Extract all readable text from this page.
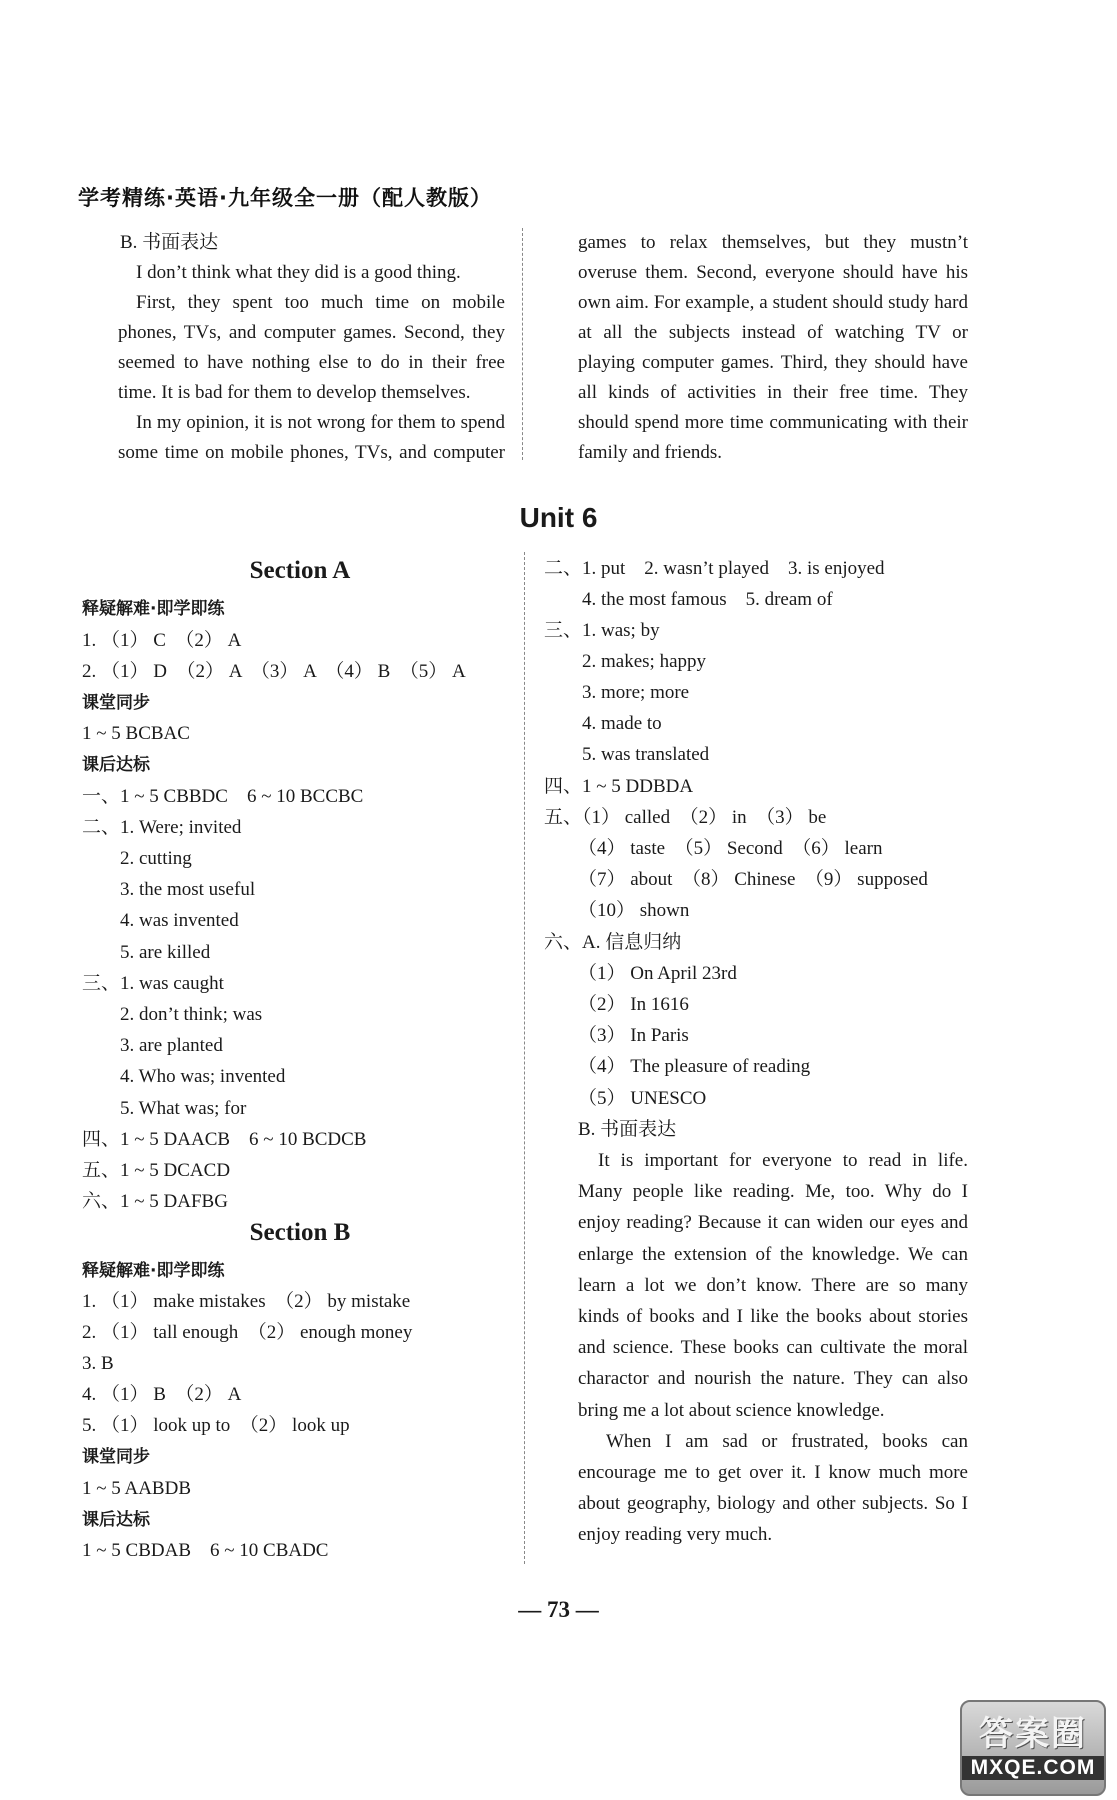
学考精练·英语·九年级全一册（配人教版）
B. 书面表达
I don’t think what they did is a good thing.
First, they spent too much time on mobile
phones, TVs, and computer games. Second, they
seemed to have nothing else to do in their free
time. It is bad for them to develop themselves.
In my opinion, it is not wrong for them to spend
some time on mobile phones, TVs, and computer
games to relax themselves, but they mustn’t
overuse them. Second, everyone should have his
own aim. For example, a student should study hard
at all the subjects instead of watching TV or
playing computer games. Third, they should have
all kinds of activities in their free time. They
should spend more time communicating with their
family and friends.
Unit 6
Section A
释疑解难·即学即练
1. （1） C　（2） A
2. （1） D　（2） A　（3） A　（4） B　（5） A
课堂同步
1 ~ 5 BCBAC
课后达标
一、1 ~ 5 CBBDC　6 ~ 10 BCCBC
二、1. Were; invited
2. cutting
3. the most useful
4. was invented
5. are killed
三、1. was caught
2. don’t think; was
3. are planted
4. Who was; invented
5. What was; for
四、1 ~ 5 DAACB　6 ~ 10 BCDCB
五、1 ~ 5 DCACD
六、1 ~ 5 DAFBG
Section B
释疑解难·即学即练
1. （1） make mistakes　（2） by mistake
2. （1） tall enough　（2） enough money
3. B
4. （1） B　（2） A
5. （1） look up to　（2） look up
课堂同步
1 ~ 5 AABDB
课后达标
1 ~ 5 CBDAB　6 ~ 10 CBADC
二、1. put　2. wasn’t played　3. is enjoyed
4. the most famous　5. dream of
三、1. was; by
2. makes; happy
3. more; more
4. made to
5. was translated
四、1 ~ 5 DDBDA
五、（1） called　（2） in　（3） be
（4） taste　（5） Second　（6） learn
（7） about　（8） Chinese　（9） supposed
（10） shown
六、A. 信息归纳
（1） On April 23rd
（2） In 1616
（3） In Paris
（4） The pleasure of reading
（5） UNESCO
B. 书面表达
It is important for everyone to read in life.
Many people like reading. Me, too. Why do I
enjoy reading? Because it can widen our eyes and
enlarge the extension of the knowledge. We can
learn a lot we don’t know. There are so many
kinds of books and I like the books about stories
and science. These books can cultivate the moral
charactor and nourish the nature. They can also
bring me a lot about science knowledge.
When I am sad or frustrated, books can
encourage me to get over it. I know much more
about geography, biology and other subjects. So I
enjoy reading very much.
— 73 —
答案圈
MXQE.COM
